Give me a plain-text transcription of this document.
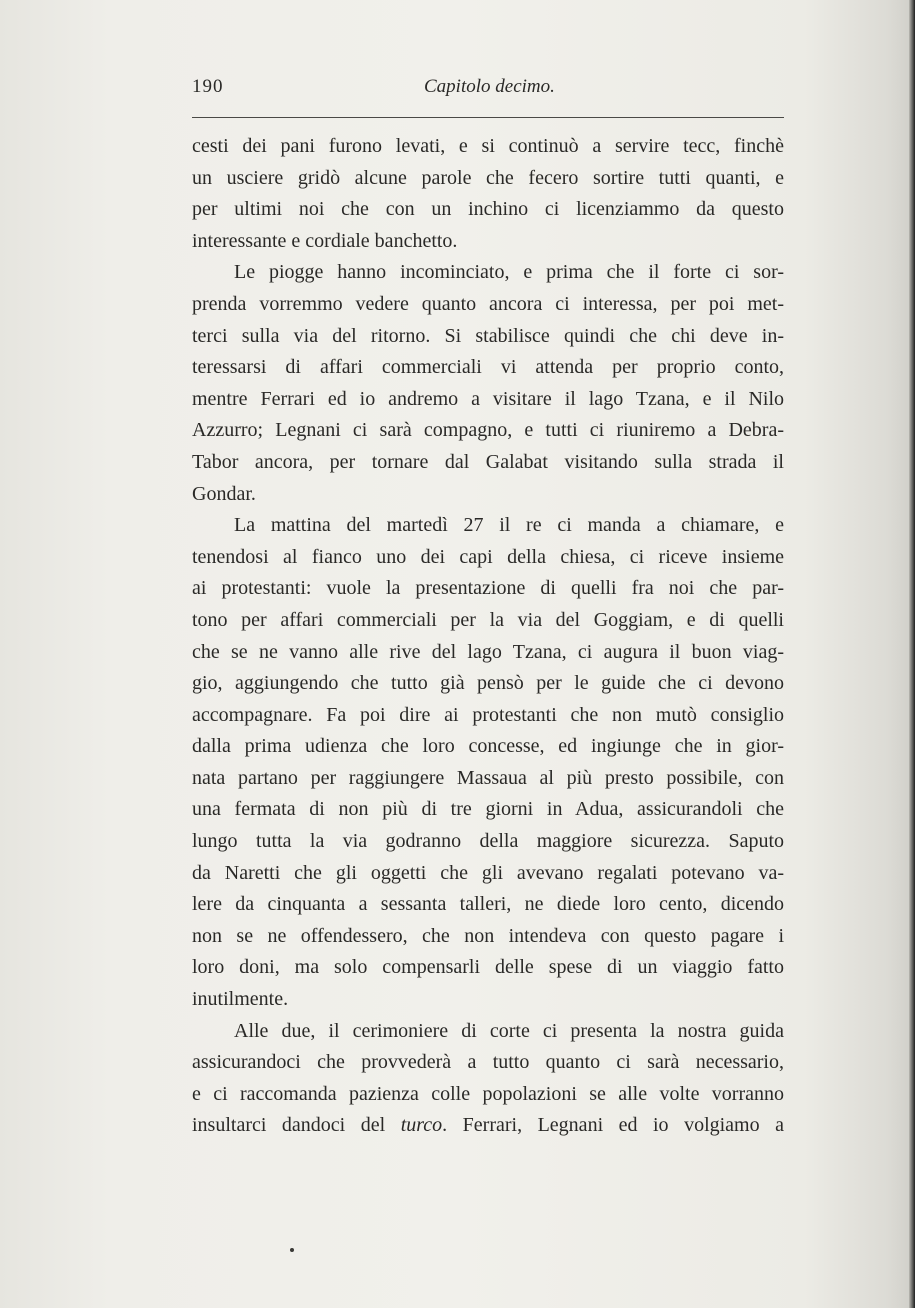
190	Capitolo decimo.
cesti dei pani furono levati, e si continuò a servire tecc, finchè
un usciere gridò alcune parole che fecero sortire tutti quanti, e
per ultimi noi che con un inchino ci licenziammo da questo
interessante e cordiale banchetto.
Le piogge hanno incominciato, e prima che il forte ci sor-
prenda vorremmo vedere quanto ancora ci interessa, per poi met-
terci sulla via del ritorno. Si stabilisce quindi che chi deve in-
teressarsi di affari commerciali vi attenda per proprio conto,
mentre Ferrari ed io andremo a visitare il lago Tzana, e il Nilo
Azzurro; Legnani ci sarà compagno, e tutti ci riuniremo a Debra-
Tabor ancora, per tornare dal Galabat visitando sulla strada il
Gondar.
La mattina del martedì 27 il re ci manda a chiamare, e
tenendosi al fianco uno dei capi della chiesa, ci riceve insieme
ai protestanti: vuole la presentazione di quelli fra noi che par-
tono per affari commerciali per la via del Goggiam, e di quelli
che se ne vanno alle rive del lago Tzana, ci augura il buon viag-
gio, aggiungendo che tutto già pensò per le guide che ci devono
accompagnare. Fa poi dire ai protestanti che non mutò consiglio
dalla prima udienza che loro concesse, ed ingiunge che in gior-
nata partano per raggiungere Massaua al più presto possibile, con
una fermata di non più di tre giorni in Adua, assicurandoli che
lungo tutta la via godranno della maggiore sicurezza. Saputo
da Naretti che gli oggetti che gli avevano regalati potevano va-
lere da cinquanta a sessanta talleri, ne diede loro cento, dicendo
non se ne offendessero, che non intendeva con questo pagare i
loro doni, ma solo compensarli delle spese di un viaggio fatto
inutilmente.
Alle due, il cerimoniere di corte ci presenta la nostra guida
assicurandoci che provvederà a tutto quanto ci sarà necessario,
e ci raccomanda pazienza colle popolazioni se alle volte vorranno
insultarci dandoci del turco. Ferrari, Legnani ed io volgiamo a
